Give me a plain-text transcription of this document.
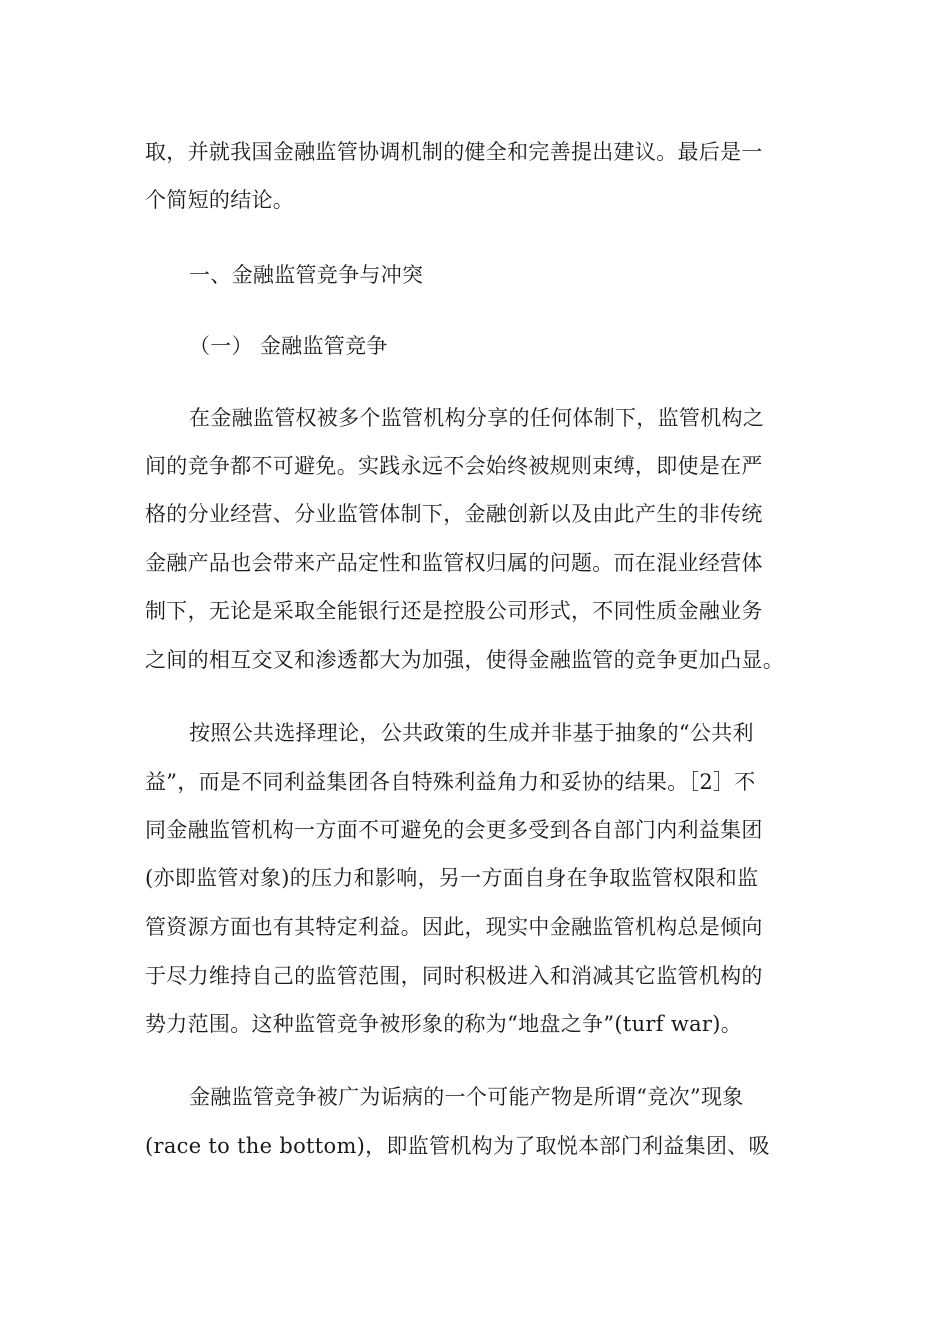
取，并就我国金融监管协调机制的健全和完善提出建议。最后是一
个简短的结论。
一、金融监管竞争与冲突
（一） 金融监管竞争
在金融监管权被多个监管机构分享的任何体制下，监管机构之
间的竞争都不可避免。实践永远不会始终被规则束缚，即使是在严
格的分业经营、分业监管体制下，金融创新以及由此产生的非传统
金融产品也会带来产品定性和监管权归属的问题。而在混业经营体
制下，无论是采取全能银行还是控股公司形式，不同性质金融业务
之间的相互交叉和渗透都大为加强，使得金融监管的竞争更加凸显。
按照公共选择理论，公共政策的生成并非基于抽象的“公共利
益”，而是不同利益集团各自特殊利益角力和妥协的结果。［2］不
同金融监管机构一方面不可避免的会更多受到各自部门内利益集团
(亦即监管对象)的压力和影响，另一方面自身在争取监管权限和监
管资源方面也有其特定利益。因此，现实中金融监管机构总是倾向
于尽力维持自己的监管范围，同时积极进入和消减其它监管机构的
势力范围。这种监管竞争被形象的称为“地盘之争”(turf war)。
金融监管竞争被广为诟病的一个可能产物是所谓“竞次”现象
(race to the bottom)，即监管机构为了取悦本部门利益集团、吸
